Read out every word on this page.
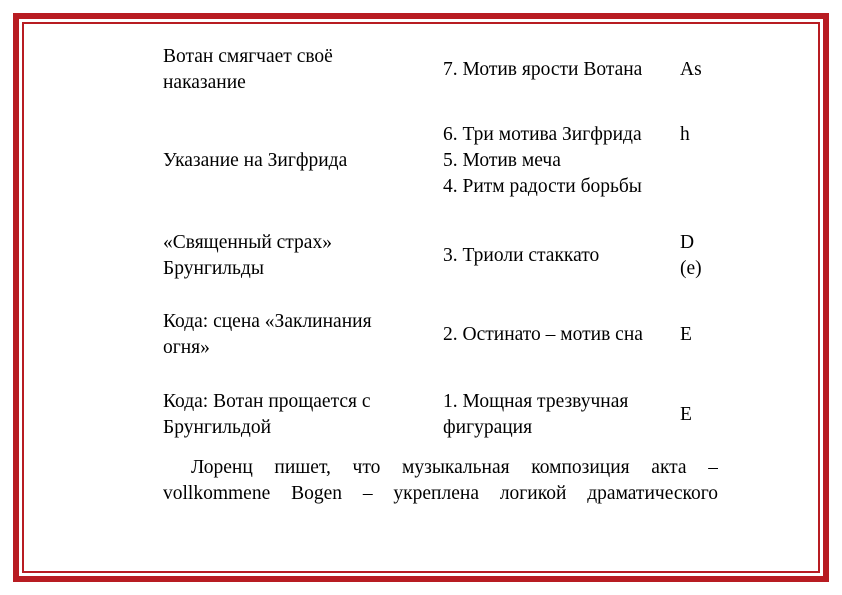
Вотан смягчает своё
наказание
7. Мотив ярости Вотана	As
Указание на Зигфрида
6. Три мотива Зигфрида
5. Мотив меча
4. Ритм радости борьбы
h
«Священный страх»
Брунгильды
3. Триоли стаккато
D
(e)
Кода: сцена «Заклинания
огня»
2. Остинато – мотив сна	E
Кода: Вотан прощается с
Брунгильдой
1. Мощная трезвучная
фигурация
E
Лоренц пишет, что музыкальная композиция акта –
vollkommene Bogen – укреплена логикой драматического
